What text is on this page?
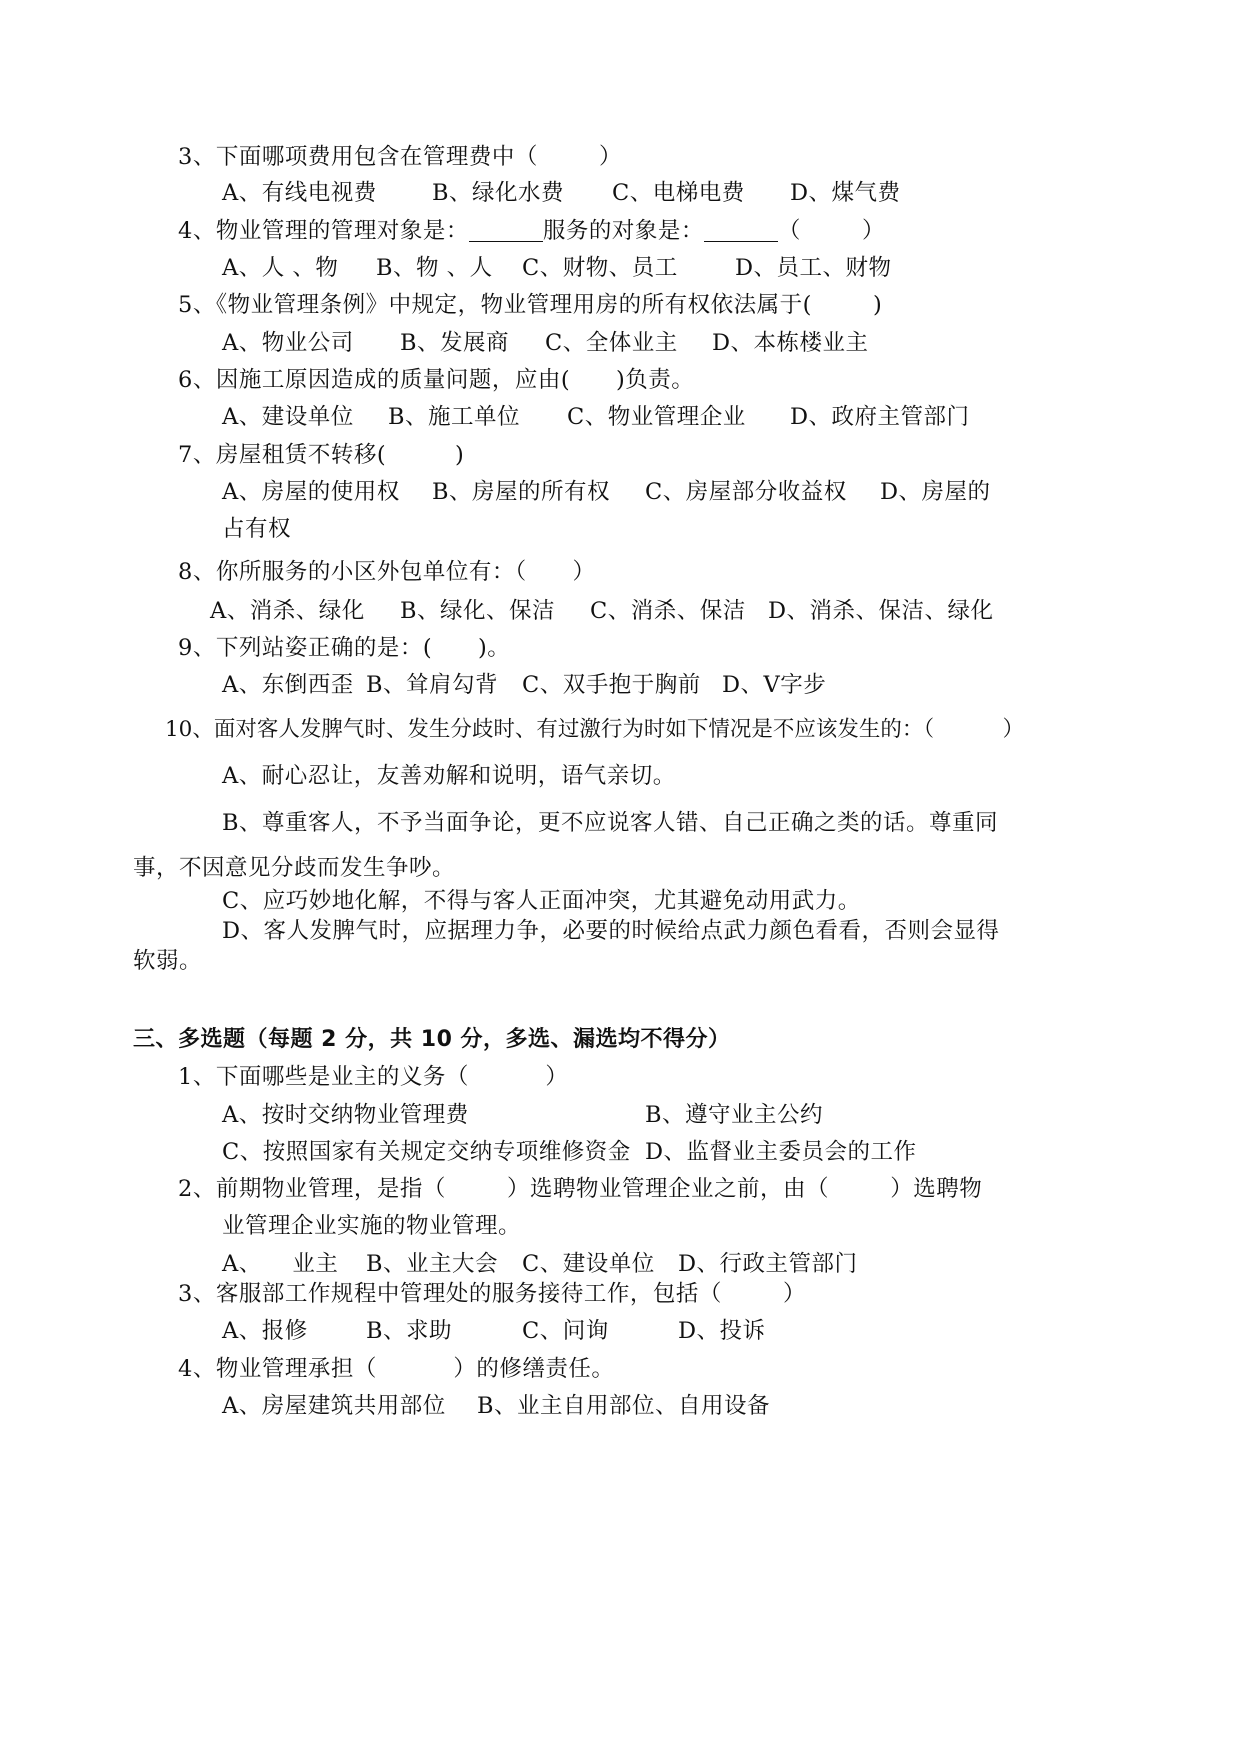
3、下面哪项费用包含在管理费中（        ）
A、有线电视费 B、绿化水费 C、电梯电费 D、煤气费
4、物业管理的管理对象是：	服务的对象是：	（        ）
A、人 、物 B、物 、人 C、财物、员工	D、员工、财物
5、《物业管理条例》中规定，物业管理用房的所有权依法属于(        )
A、物业公司 B、发展商 C、全体业主 D、本栋楼业主
6、因施工原因造成的质量问题，应由(      )负责。
A、建设单位 B、施工单位 C、物业管理企业 D、政府主管部门
7、房屋租赁不转移(         )
A、房屋的使用权 B、房屋的所有权 C、房屋部分收益权 D、房屋的
占有权
8、你所服务的小区外包单位有：（      ）
A、消杀、绿化 B、绿化、保洁 C、消杀、保洁 D、消杀、保洁、绿化
9、下列站姿正确的是：(      )。
A、东倒西歪 B、耸肩勾背 C、双手抱于胸前 D、V字步
10、面对客人发脾气时、发生分歧时、有过激行为时如下情况是不应该发生的：（          ）
A、耐心忍让，友善劝解和说明，语气亲切。
B、尊重客人，不予当面争论，更不应说客人错、自己正确之类的话。尊重同
事，不因意见分歧而发生争吵。
C、应巧妙地化解，不得与客人正面冲突，尤其避免动用武力。
D、客人发脾气时，应据理力争，必要的时候给点武力颜色看看，否则会显得
软弱。
三、多选题（每题 2 分，共 10 分，多选、漏选均不得分）
1、下面哪些是业主的义务（          ）
A、按时交纳物业管理费	B、遵守业主公约
C、按照国家有关规定交纳专项维修资金 D、监督业主委员会的工作
2、前期物业管理，是指（        ）选聘物业管理企业之前，由（        ）选聘物
业管理企业实施的物业管理。
A、    业主 B、业主大会 C、建设单位 D、行政主管部门
3、客服部工作规程中管理处的服务接待工作，包括（        ）
A、报修	B、求助	C、问询	D、投诉
4、物业管理承担（          ）的修缮责任。
A、房屋建筑共用部位 B、业主自用部位、自用设备
